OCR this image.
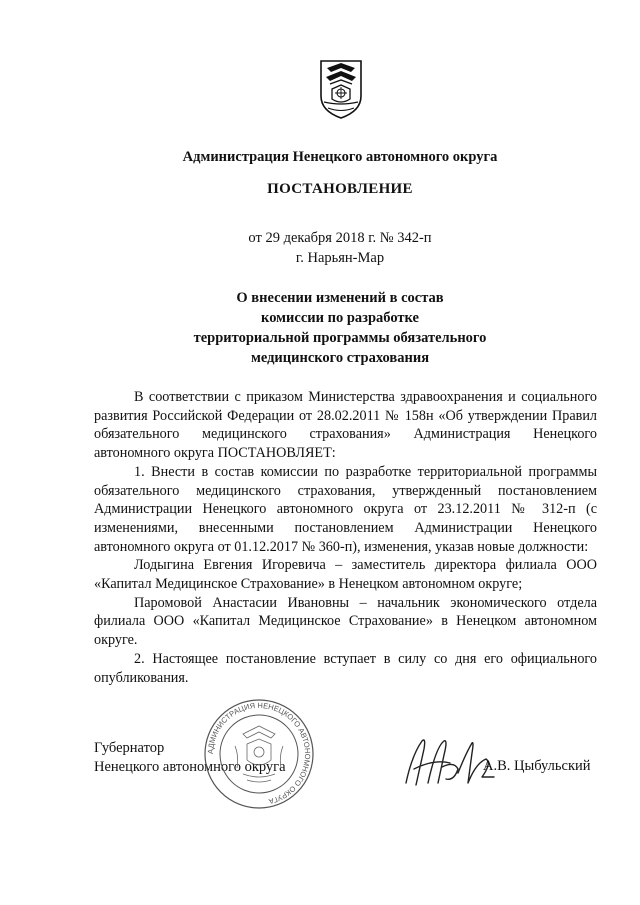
Администрация Ненецкого автономного округа
ПОСТАНОВЛЕНИЕ
от 29 декабря 2018 г. № 342-п
г. Нарьян-Мар
О внесении изменений в состав
комиссии по разработке
территориальной программы обязательного
медицинского страхования

В соответствии с приказом Министерства здравоохранения и социального развития Российской Федерации от 28.02.2011 № 158н «Об утверждении Правил обязательного медицинского страхования» Администрация Ненецкого автономного округа ПОСТАНОВЛЯЕТ:

1. Внести в состав комиссии по разработке территориальной программы обязательного медицинского страхования, утвержденный постановлением Администрации Ненецкого автономного округа от 23.12.2011 № 312-п (с изменениями, внесенными постановлением Администрации Ненецкого автономного округа от 01.12.2017 № 360-п), изменения, указав новые должности:

Лодыгина Евгения Игоревича – заместитель директора филиала ООО «Капитал Медицинское Страхование» в Ненецком автономном округе;

Паромовой Анастасии Ивановны – начальник экономического отдела филиала ООО «Капитал Медицинское Страхование» в Ненецком автономном округе.

2. Настоящее постановление вступает в силу со дня его официального опубликования.

Губернатор
Ненецкого автономного округа
АДМИНИСТРАЦИЯ НЕНЕЦКОГО АВТОНОМНОГО ОКРУГА
А.В. Цыбульский
